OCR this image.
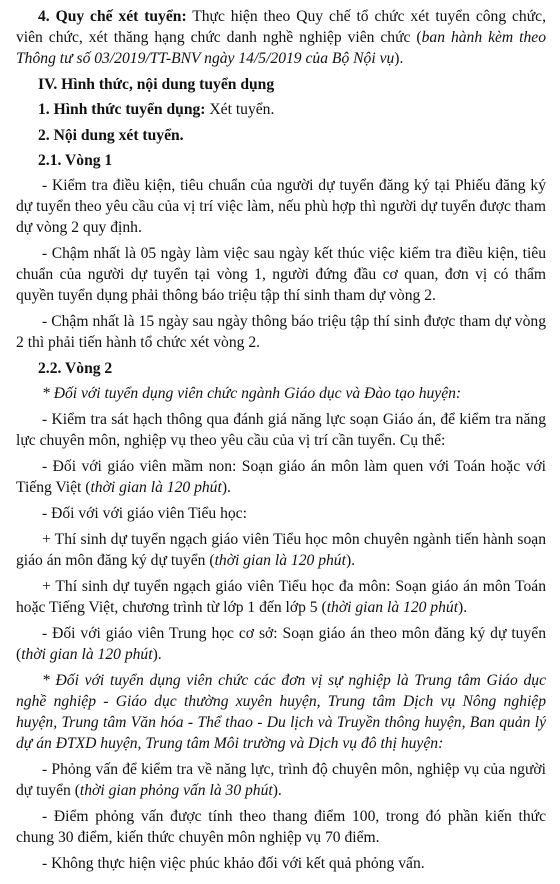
4. Quy chế xét tuyển: Thực hiện theo Quy chế tổ chức xét tuyển công chức, viên chức, xét thăng hạng chức danh nghề nghiệp viên chức (ban hành kèm theo Thông tư số 03/2019/TT-BNV ngày 14/5/2019 của Bộ Nội vụ).

IV. Hình thức, nội dung tuyển dụng

1. Hình thức tuyển dụng: Xét tuyển.

2. Nội dung xét tuyển.

2.1. Vòng 1

- Kiểm tra điều kiện, tiêu chuẩn của người dự tuyển đăng ký tại Phiếu đăng ký dự tuyển theo yêu cầu của vị trí việc làm, nếu phù hợp thì người dự tuyển được tham dự vòng 2 quy định.

- Chậm nhất là 05 ngày làm việc sau ngày kết thúc việc kiểm tra điều kiện, tiêu chuẩn của người dự tuyển tại vòng 1, người đứng đầu cơ quan, đơn vị có thẩm quyền tuyển dụng phải thông báo triệu tập thí sinh tham dự vòng 2.

- Chậm nhất là 15 ngày sau ngày thông báo triệu tập thí sinh được tham dự vòng 2 thì phải tiến hành tổ chức xét vòng 2.

2.2. Vòng 2

* Đối với tuyển dụng viên chức ngành Giáo dục và Đào tạo huyện:

- Kiểm tra sát hạch thông qua đánh giá năng lực soạn Giáo án, để kiểm tra năng lực chuyên môn, nghiệp vụ theo yêu cầu của vị trí cần tuyển. Cụ thể:

- Đối với giáo viên mầm non: Soạn giáo án môn làm quen với Toán hoặc với Tiếng Việt (thời gian là 120 phút).

- Đối với với giáo viên Tiểu học:

+ Thí sinh dự tuyển ngạch giáo viên Tiểu học môn chuyên ngành tiến hành soạn giáo án môn đăng ký dự tuyển (thời gian là 120 phút).

+ Thí sinh dự tuyển ngạch giáo viên Tiểu học đa môn: Soạn giáo án môn Toán hoặc Tiếng Việt, chương trình từ lớp 1 đến lớp 5 (thời gian là 120 phút).

- Đối với giáo viên Trung học cơ sở: Soạn giáo án theo môn đăng ký dự tuyển (thời gian là 120 phút).

* Đối với tuyển dụng viên chức các đơn vị sự nghiệp là Trung tâm Giáo dục nghề nghiệp - Giáo dục thường xuyên huyện, Trung tâm Dịch vụ Nông nghiệp huyện, Trung tâm Văn hóa - Thể thao - Du lịch và Truyền thông huyện, Ban quản lý dự án ĐTXD huyện, Trung tâm Môi trường và Dịch vụ đô thị huyện:

- Phỏng vấn để kiểm tra về năng lực, trình độ chuyên môn, nghiệp vụ của người dự tuyển (thời gian phỏng vấn là 30 phút).

- Điểm phỏng vấn được tính theo thang điểm 100, trong đó phần kiến thức chung 30 điểm, kiến thức chuyên môn nghiệp vụ 70 điểm.

- Không thực hiện việc phúc khảo đối với kết quả phỏng vấn.
